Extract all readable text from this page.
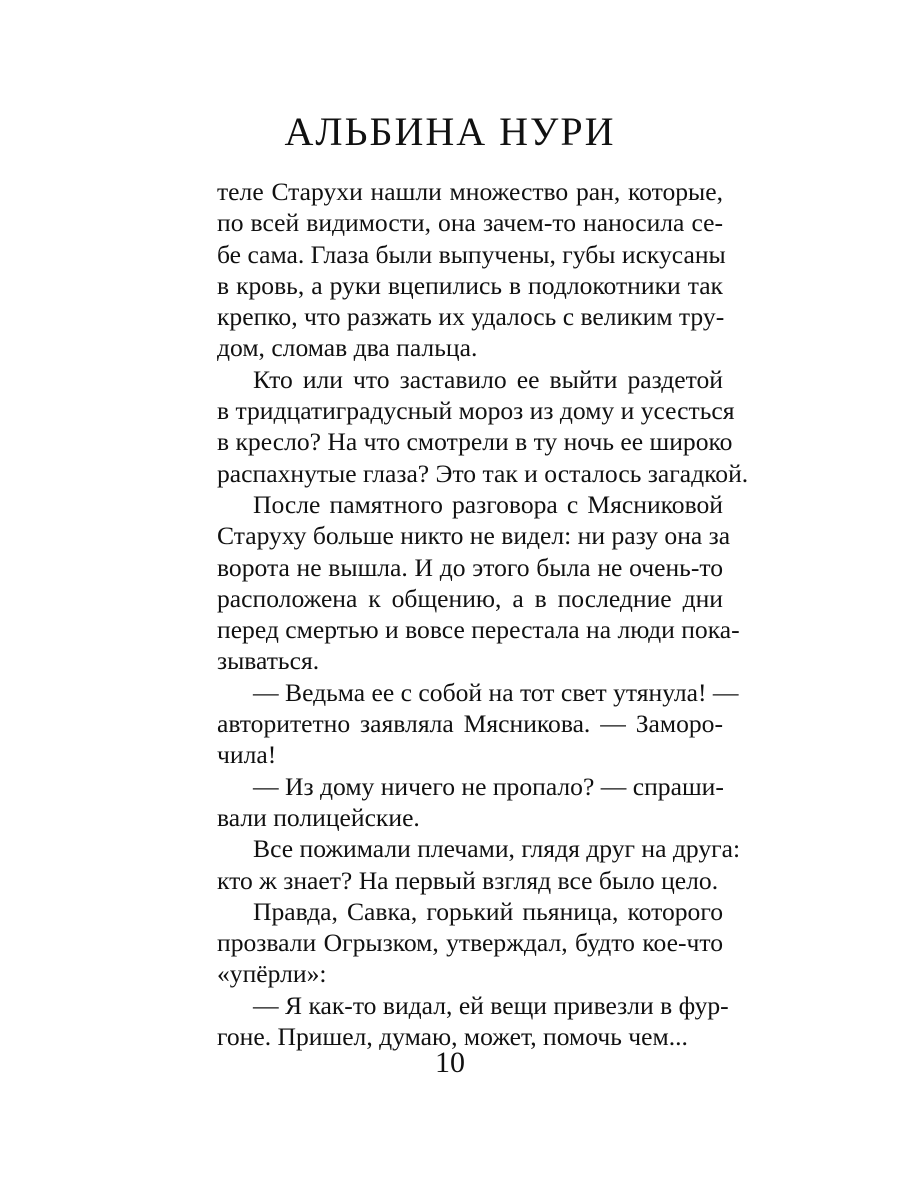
АЛЬБИНА НУРИ
теле Старухи нашли множество ран, которые,
по всей видимости, она зачем-то наносила се-
бе сама. Глаза были выпучены, губы искусаны
в кровь, а руки вцепились в подлокотники так
крепко, что разжать их удалось с великим тру-
дом, сломав два пальца.
Кто или что заставило ее выйти раздетой
в тридцатиградусный мороз из дому и усесться
в кресло? На что смотрели в ту ночь ее широко
распахнутые глаза? Это так и осталось загадкой.
После памятного разговора с Мясниковой
Старуху больше никто не видел: ни разу она за
ворота не вышла. И до этого была не очень-то
расположена к общению, а в последние дни
перед смертью и вовсе перестала на люди пока-
зываться.
— Ведьма ее с собой на тот свет утянула! —
авторитетно заявляла Мясникова. — Заморо-
чила!
— Из дому ничего не пропало? — спраши-
вали полицейские.
Все пожимали плечами, глядя друг на друга:
кто ж знает? На первый взгляд все было цело.
Правда, Савка, горький пьяница, которого
прозвали Огрызком, утверждал, будто кое-что
«упёрли»:
— Я как-то видал, ей вещи привезли в фур-
гоне. Пришел, думаю, может, помочь чем...
10
